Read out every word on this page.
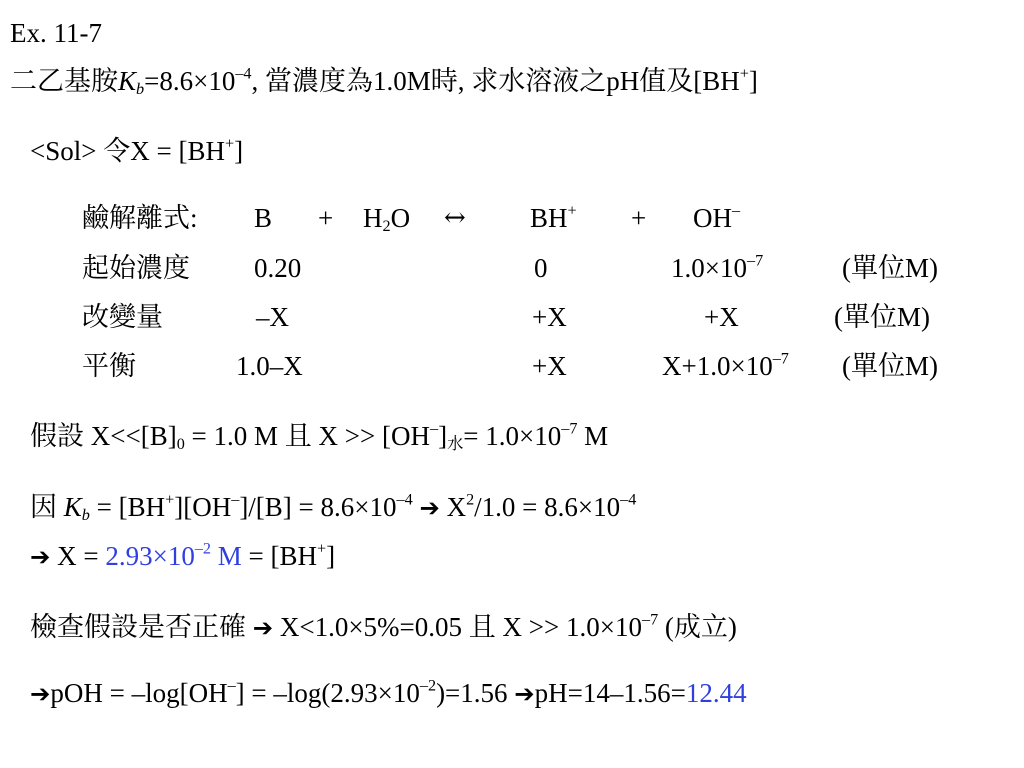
Ex. 11-7
二乙基胺$K_b=8.6\times 10^{-4}$, 當濃度為1.0M時, 求水溶液之pH值及[BH+]
<Sol> 令X = [BH+]
鹼解離式: $B + H_2O$ ↔ BH+ + OH–
起始濃度 0.20	0	$1.0\times 10^{-7}$	(單位M)
改變量	–X	+X	+X	(單位M)
平衡	1.0–X	+X	$X+1.0\times 10^{-7}$ (單位M)
假設 $X<<[B]_0 = 1.0$ M 且 $X >> [OH^-]_水= 1.0\times 10^{-7}$ M
因 $K_b = [BH^+][OH^-]/[B] = 8.6\times 10^{-4}$ ➔ $X^2/1.0 = 8.6\times 10^{-4}$
➔ $X = 2.93\times 10^{-2}$ M = [BH+]
檢查假設是否正確 ➔ X<1.0×5%=0.05 且 $X >> 1.0\times 10^{-7}$ (成立)
➔pOH = $-\log[OH^-] = -\log(2.93\times 10^{-2})=1.56$ ➔pH=14–1.56=12.44
